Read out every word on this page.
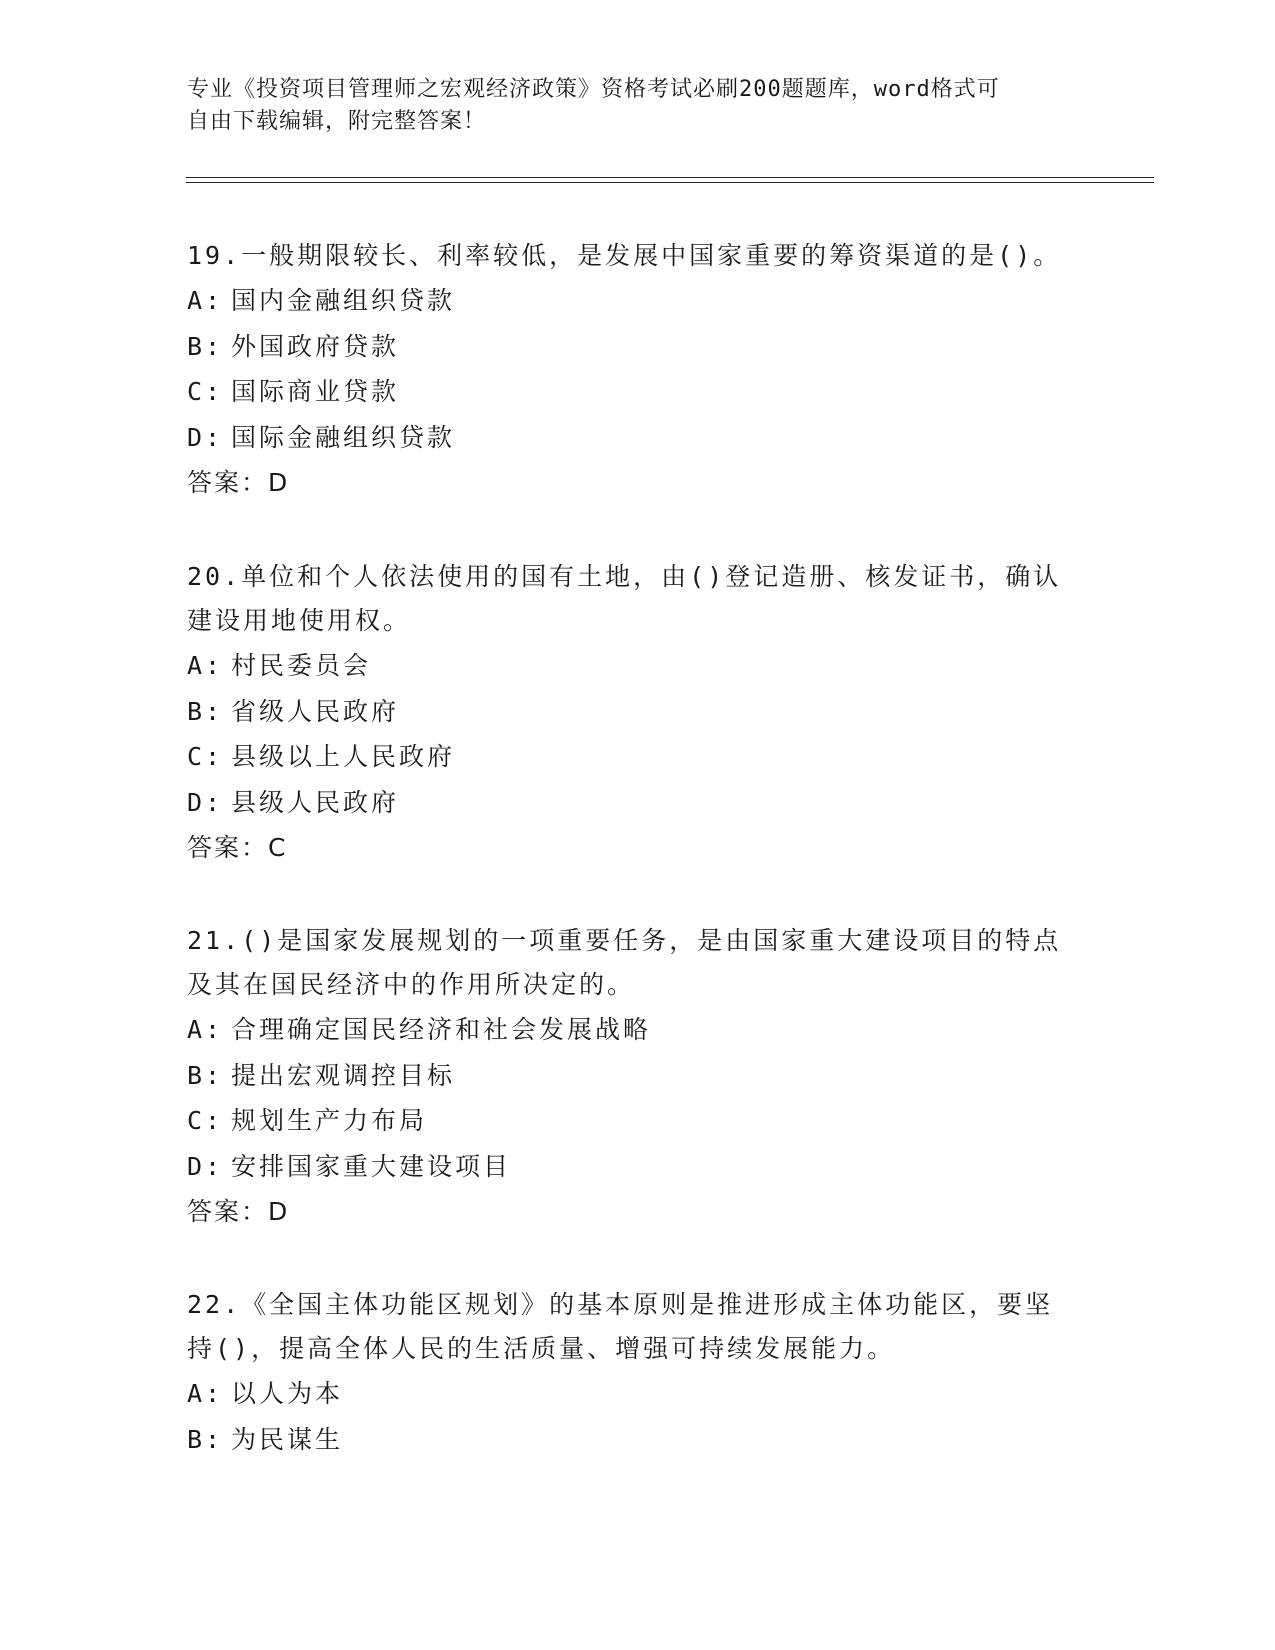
专业《投资项目管理师之宏观经济政策》资格考试必刷200题题库，word格式可
自由下载编辑，附完整答案！

19.一般期限较长、利率较低，是发展中国家重要的筹资渠道的是()。

A: 国内金融组织贷款

B: 外国政府贷款

C: 国际商业贷款

D: 国际金融组织贷款

答案：D

20.单位和个人依法使用的国有土地，由()登记造册、核发证书，确认建设用地使用权。

A: 村民委员会

B: 省级人民政府

C: 县级以上人民政府

D: 县级人民政府

答案：C

21.()是国家发展规划的一项重要任务，是由国家重大建设项目的特点及其在国民经济中的作用所决定的。

A: 合理确定国民经济和社会发展战略

B: 提出宏观调控目标

C: 规划生产力布局

D: 安排国家重大建设项目

答案：D

22.《全国主体功能区规划》的基本原则是推进形成主体功能区，要坚持()，提高全体人民的生活质量、增强可持续发展能力。

A: 以人为本

B: 为民谋生
